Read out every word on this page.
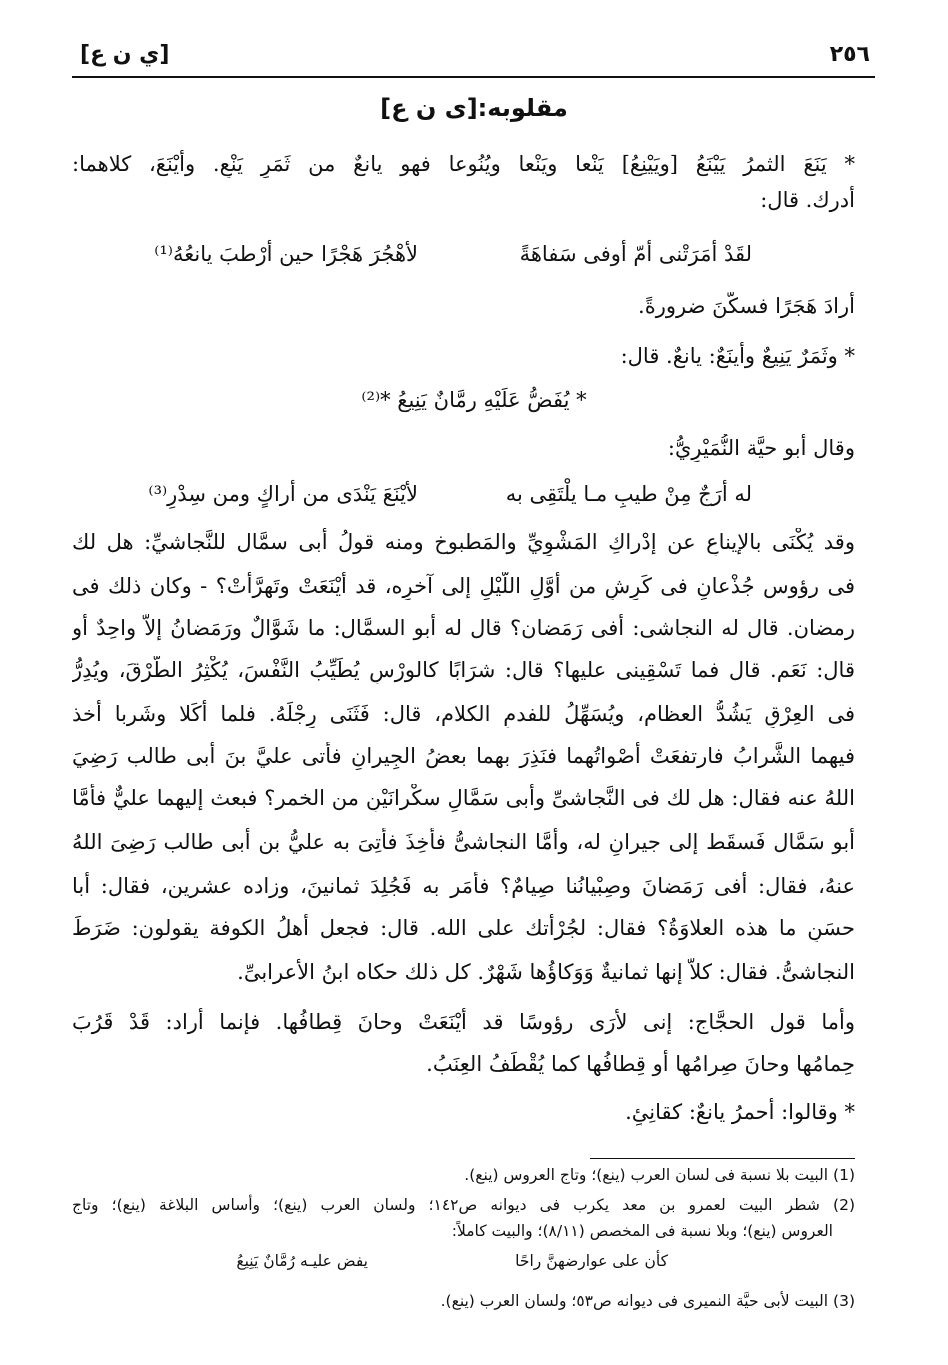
٢٥٦
[ي ن ع]
مقلوبه:[ى ن ع]
* يَنَعَ الثمرُ يَيْنَعُ [ويَيْنِعُ] يَنْعا ويَنْعا ويُنُوعا فهو يانعٌ من ثَمَرٍ يَنْعٍ. وأَيْنَعَ، كلاهما:
أدرك. قال:
لقَدْ أمَرَتْنى أمّ أوفى سَفاهَةً
لأهْجُرَ هَجْرًا حين أرْطبَ يانعُهُ⁽¹⁾
أرادَ هَجَرًا فسكَّنَ ضرورةً.
* وثَمَرٌ يَنِيعٌ وأَينَعٌ: يانعٌ. قال:
* يُفَضُّ عَلَيْهِ رمَّانٌ يَنِيعُ *⁽²⁾
وقال أبو حيَّة النُّمَيْرِيُّ:
له أرَجٌ مِنْ طيبِ مـا يلْتَقِى به
لأيْنَعَ يَنْدَى من أراكٍ ومن سِدْرِ⁽³⁾
وقد يُكْنَى بالإيناعِ عن إدْراكِ المَشْوِيِّ والمَطبوخ ومنه قولُ أبى سمَّال للنَّجاشيِّ: هل لك
فى رؤوس جُذْعانٍ فى كَرِشٍ من أوَّلِ اللَّيْلِ إلى آخرِه، قد أيْنَعَتْ وتَهرَّأَتْ؟ - وكان ذلك فى
رمضان. قال له النجاشى: أفى رَمَضان؟ قال له أبو السمَّال: ما شَوَّالٌ ورَمَضانُ إلاَّ واحِدٌ أو
قال: نَعَم. قال فما تَسْقِينى عليها؟ قال: شرَابًا كالورْسِ يُطَيِّبُ النَّفْسَ، يُكْثِرُ الطَّرْقَ، ويُدِرُّ
فى العِرْقِ يَشُدُّ العظام، ويُسَهِّلُ للفدمِ الكلام، قال: فَثَنَى رِجْلَهُ. فلما أكَلا وشَربا أخذ
فيهما الشَّرابُ فارتفعَتْ أصْواتُهما فنَذِرَ بهما بعضُ الجِيرانِ فأتى عليَّ بنَ أبى طالب رَضِيَ
اللهُ عنه فقال: هل لك فى النَّجاشىِّ وأبى سَمَّالٍ سكْرانَيْنِ من الخمر؟ فبعث إليهما عليٌّ فأمَّا
أبو سَمَّال فَسقَط إلى جيرانٍ له، وأمَّا النجاشىُّ فأُخِذَ فأُتِىَ به عليُّ بن أبى طالب رَضِىَ اللهُ
عنهُ، فقال: أفى رَمَضانَ وصِبْيانُنا صِيامٌ؟ فأمَر به فَجُلِدَ ثمانينَ، وزاده عشرين، فقال: أبا
حسَنٍ ما هذه العلاوَةُ؟ فقال: لجُرْأتك على الله. قال: فجعل أهلُ الكوفة يقولون: ضَرَطَ
النجاشىُّ. فقال: كلاَّ إنها ثمانيةٌ وَوَكاؤُها شَهْرٌ. كل ذلك حكاه ابنُ الأعرابىِّ.
وأما قول الحجَّاج: إنى لأرَى رؤوسًا قد أيْنَعَتْ وحانَ قِطافُها. فإنما أراد: قَدْ قَرُبَ
حِمامُها وحانَ صِرامُها أو قِطافُها كما يُقْطَفُ العِنَبُ.
* وقالوا: أحمرُ يانعٌ: كقانِئٍ.
(1) البيت بلا نسبة فى لسان العرب (ينع)؛ وتاج العروس (ينع).
(2) شطر البيت لعمرو بن معد يكرب فى ديوانه ص١٤٢؛ ولسان العرب (ينع)؛ وأساس البلاغة (ينع)؛ وتاج
العروس (ينع)؛ وبلا نسبة فى المخصص (٨/١١)؛ والبيت كاملاً:
كأن على عوارضهنَّ راحًا
يفض عليـه رُمَّانٌ يَنِيعُ
(3) البيت لأبى حيَّة النميرى فى ديوانه ص٥٣؛ ولسان العرب (ينع).
